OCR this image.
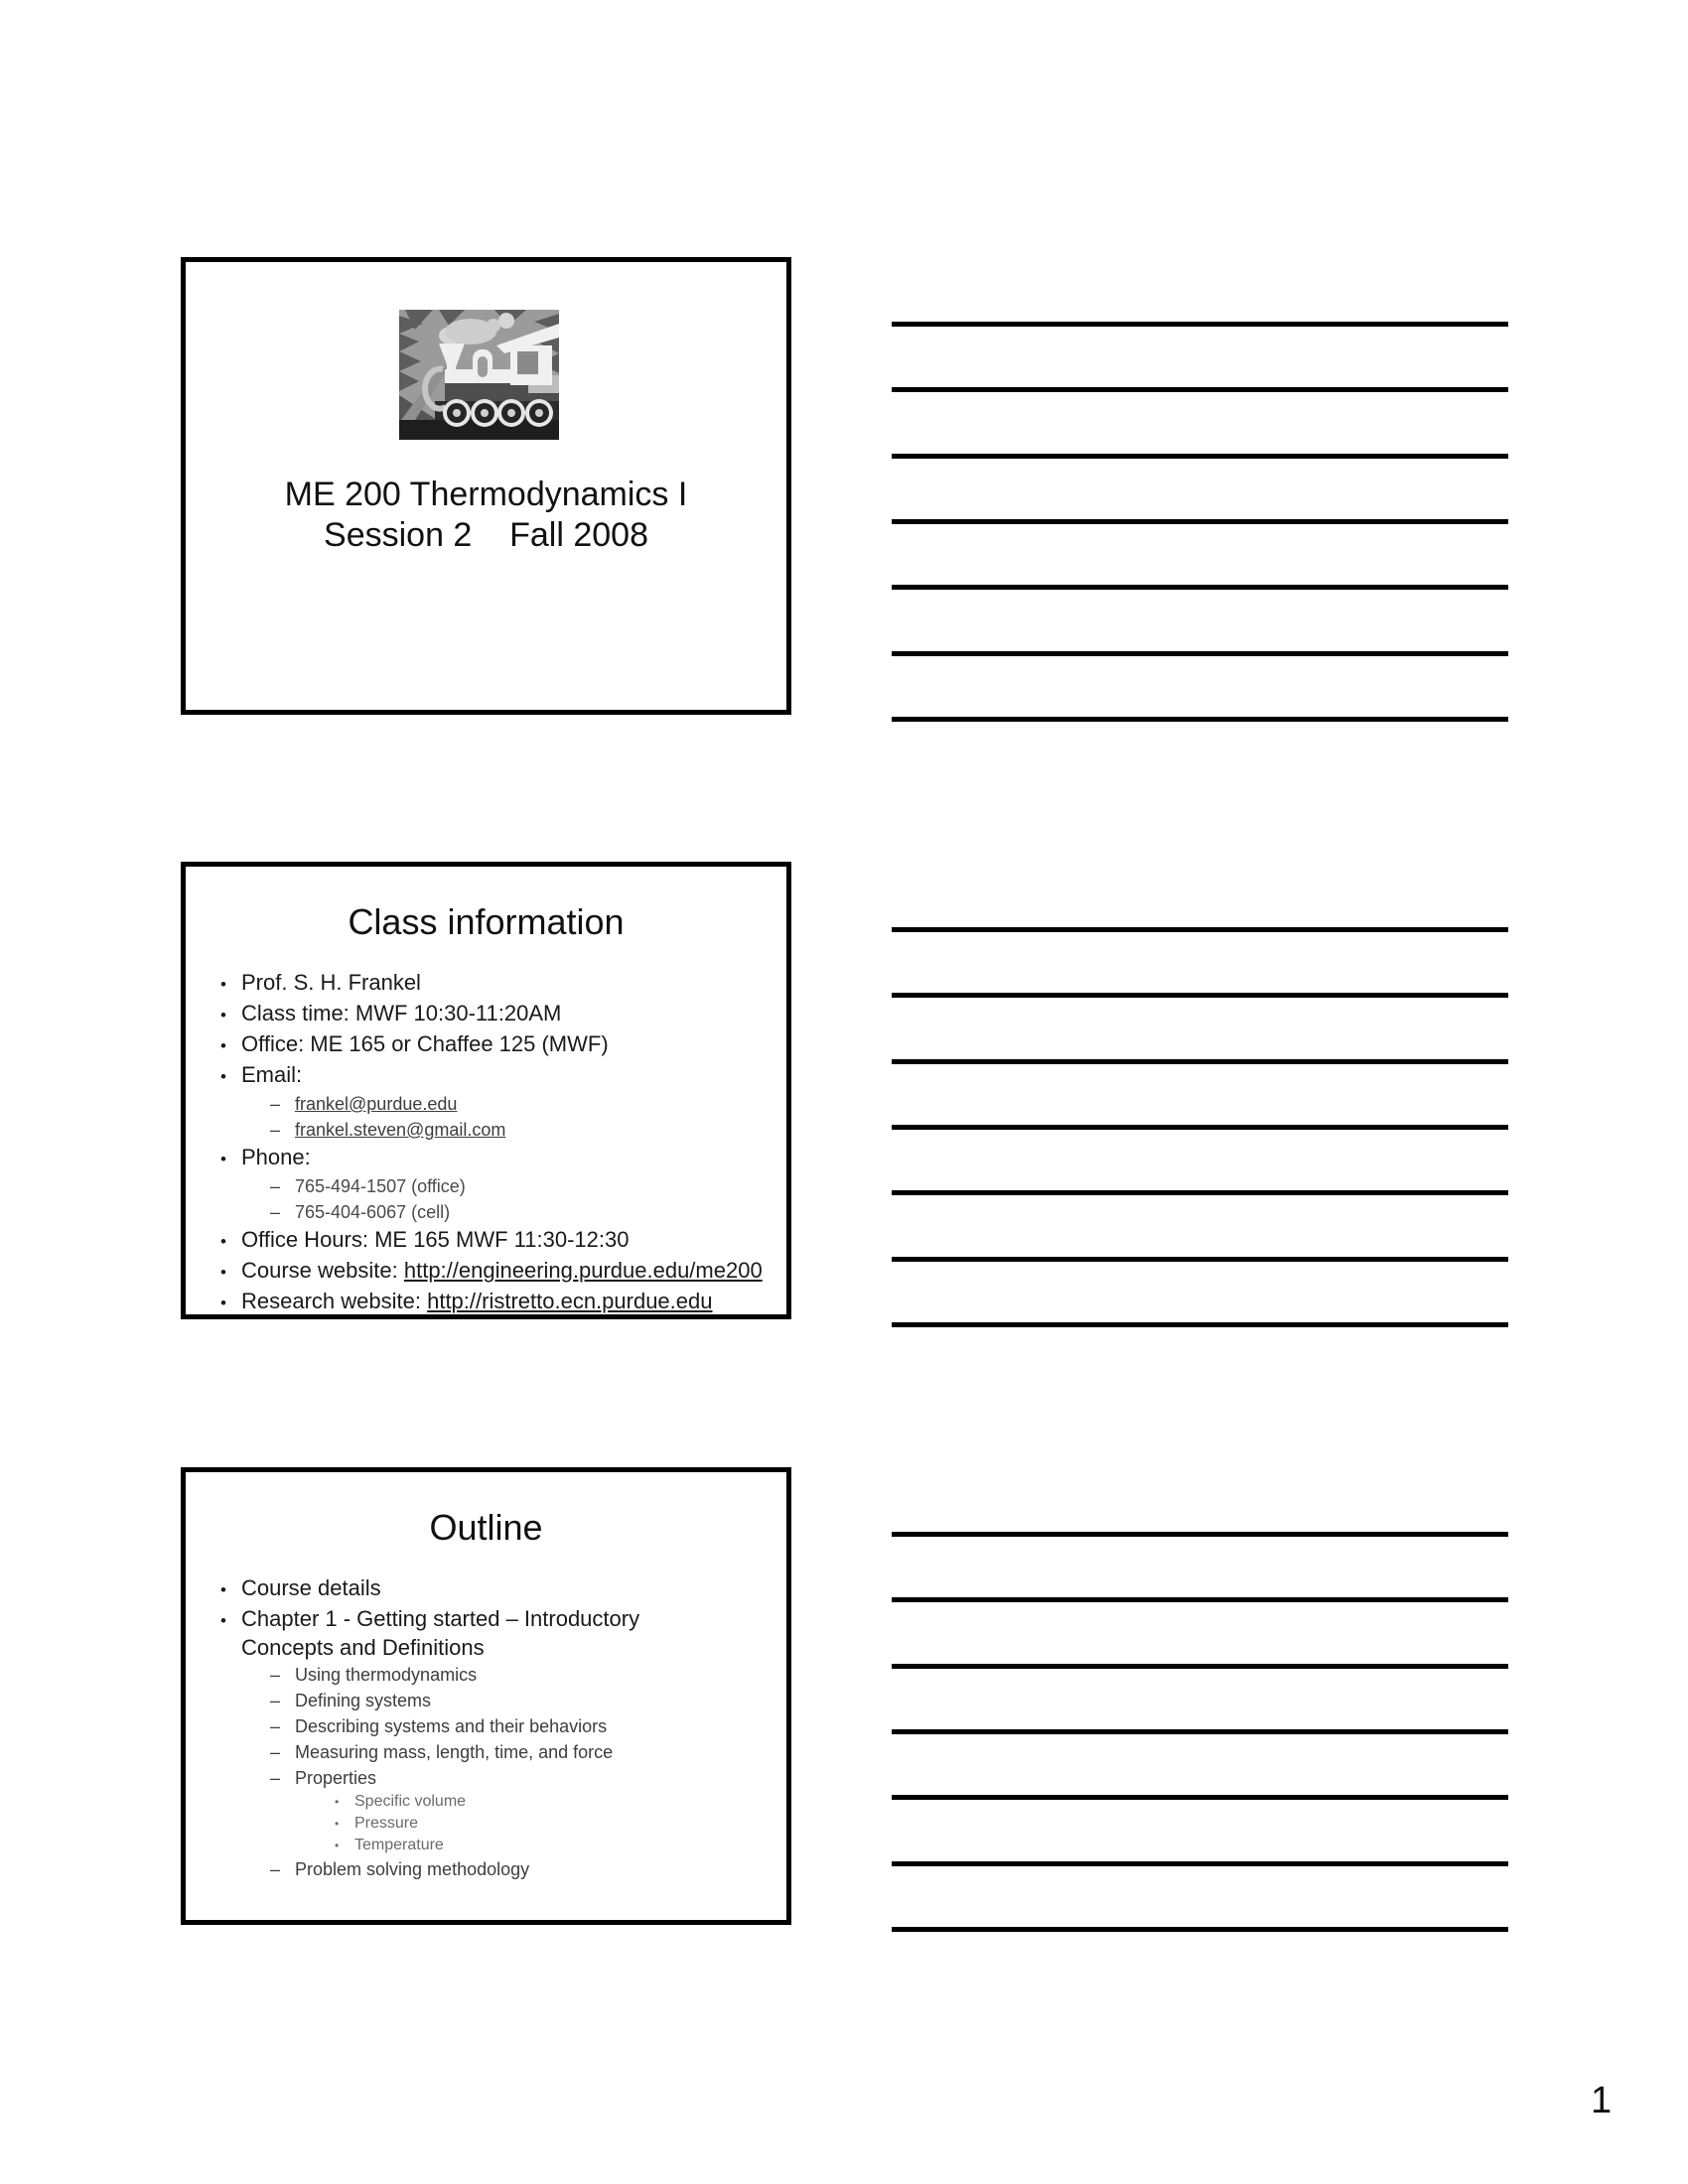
ME 200 Thermodynamics I
Session 2    Fall 2008
Class information
• Prof. S. H. Frankel
• Class time: MWF 10:30-11:20AM
• Office: ME 165 or Chaffee 125 (MWF)
• Email:
– frankel@purdue.edu
– frankel.steven@gmail.com
• Phone:
– 765-494-1507 (office)
– 765-404-6067 (cell)
• Office Hours: ME 165 MWF 11:30-12:30
• Course website: http://engineering.purdue.edu/me200
• Research website: http://ristretto.ecn.purdue.edu
Outline
• Course details
• Chapter 1 - Getting started – Introductory
Concepts and Definitions
– Using thermodynamics
– Defining systems
– Describing systems and their behaviors
– Measuring mass, length, time, and force
– Properties
• Specific volume
• Pressure
• Temperature
– Problem solving methodology
1
